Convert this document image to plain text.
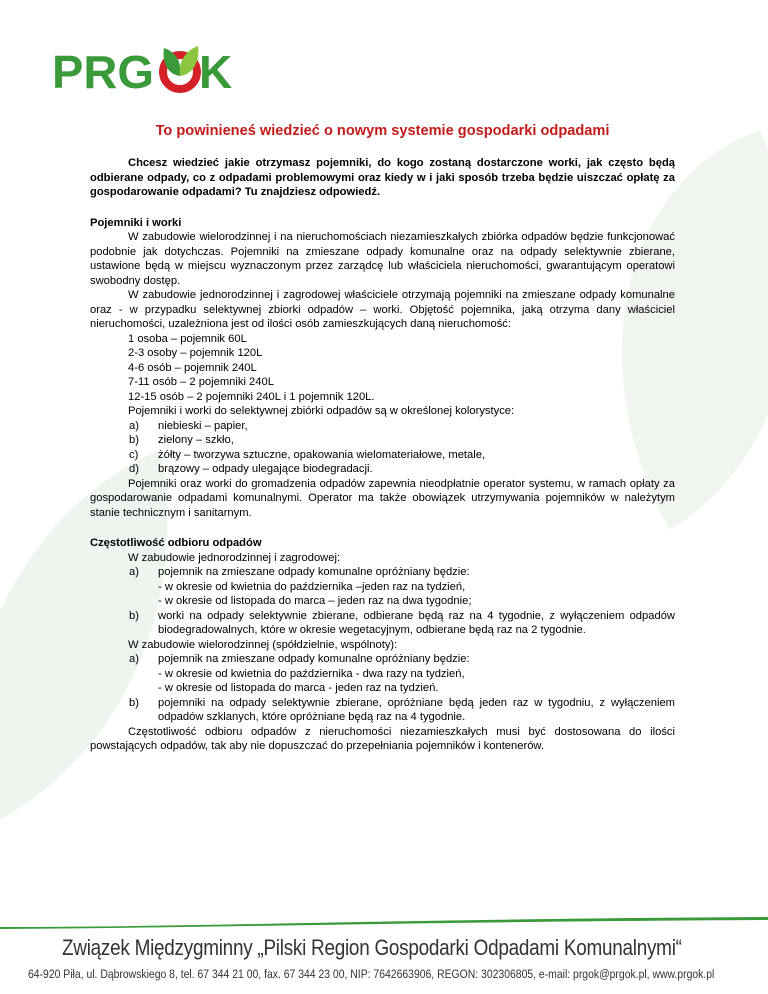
PRG K
To powinieneś wiedzieć o nowym systemie gospodarki odpadami

Chcesz wiedzieć jakie otrzymasz pojemniki, do kogo zostaną dostarczone worki, jak często będą odbierane odpady, co z odpadami problemowymi oraz kiedy w i jaki sposób trzeba będzie uiszczać opłatę za gospodarowanie odpadami? Tu znajdziesz odpowiedź.

Pojemniki i worki

W zabudowie wielorodzinnej i na nieruchomościach niezamieszkałych zbiórka odpadów będzie funkcjonować podobnie jak dotychczas. Pojemniki na zmieszane odpady komunalne oraz na odpady selektywnie zbierane, ustawione będą w miejscu wyznaczonym przez zarządcę lub właściciela nieruchomości, gwarantującym operatowi swobodny dostęp.

W zabudowie jednorodzinnej i zagrodowej właściciele otrzymają pojemniki na zmieszane odpady komunalne oraz - w przypadku selektywnej zbiorki odpadów – worki. Objętość pojemnika, jaką otrzyma dany właściciel nieruchomości, uzależniona jest od ilości osób zamieszkujących daną nieruchomość:

1 osoba – pojemnik 60L
2-3 osoby – pojemnik 120L
4-6 osób – pojemnik 240L
7-11 osób – 2 pojemniki 240L
12-15 osób – 2 pojemniki 240L i 1 pojemnik 120L.
Pojemniki i worki do selektywnej zbiórki odpadów są w określonej kolorystyce:
a) niebieski – papier,
b) zielony – szkło,
c) żółty – tworzywa sztuczne, opakowania wielomateriałowe, metale,
d) brązowy – odpady ulegające biodegradacji.

Pojemniki oraz worki do gromadzenia odpadów zapewnia nieodpłatnie operator systemu, w ramach opłaty za gospodarowanie odpadami komunalnymi. Operator ma także obowiązek utrzymywania pojemników w należytym stanie technicznym i sanitarnym.

Częstotliwość odbioru odpadów
W zabudowie jednorodzinnej i zagrodowej:
a) pojemnik na zmieszane odpady komunalne opróżniany będzie:
- w okresie od kwietnia do października –jeden raz na tydzień,
- w okresie od listopada do marca – jeden raz na dwa tygodnie;
b) worki na odpady selektywnie zbierane, odbierane będą raz na 4 tygodnie, z wyłączeniem odpadów biodegradowalnych, które w okresie wegetacyjnym, odbierane będą raz na 2 tygodnie.
W zabudowie wielorodzinnej (spółdzielnie, wspólnoty):
a) pojemnik na zmieszane odpady komunalne opróżniany będzie:
- w okresie od kwietnia do października - dwa razy na tydzień,
- w okresie od listopada do marca - jeden raz na tydzień.
b) pojemniki na odpady selektywnie zbierane, opróżniane będą jeden raz w tygodniu, z wyłączeniem odpadów szklanych, które opróżniane będą raz na 4 tygodnie.

Częstotliwość odbioru odpadów z nieruchomości niezamieszkałych musi być dostosowana do ilości powstających odpadów, tak aby nie dopuszczać do przepełniania pojemników i kontenerów.

Związek Międzygminny „Pilski Region Gospodarki Odpadami Komunalnymi“

64-920 Piła, ul. Dąbrowskiego 8, tel. 67 344 21 00, fax. 67 344 23 00, NIP: 7642663906, REGON: 302306805, e-mail: prgok@prgok.pl, www.prgok.pl
